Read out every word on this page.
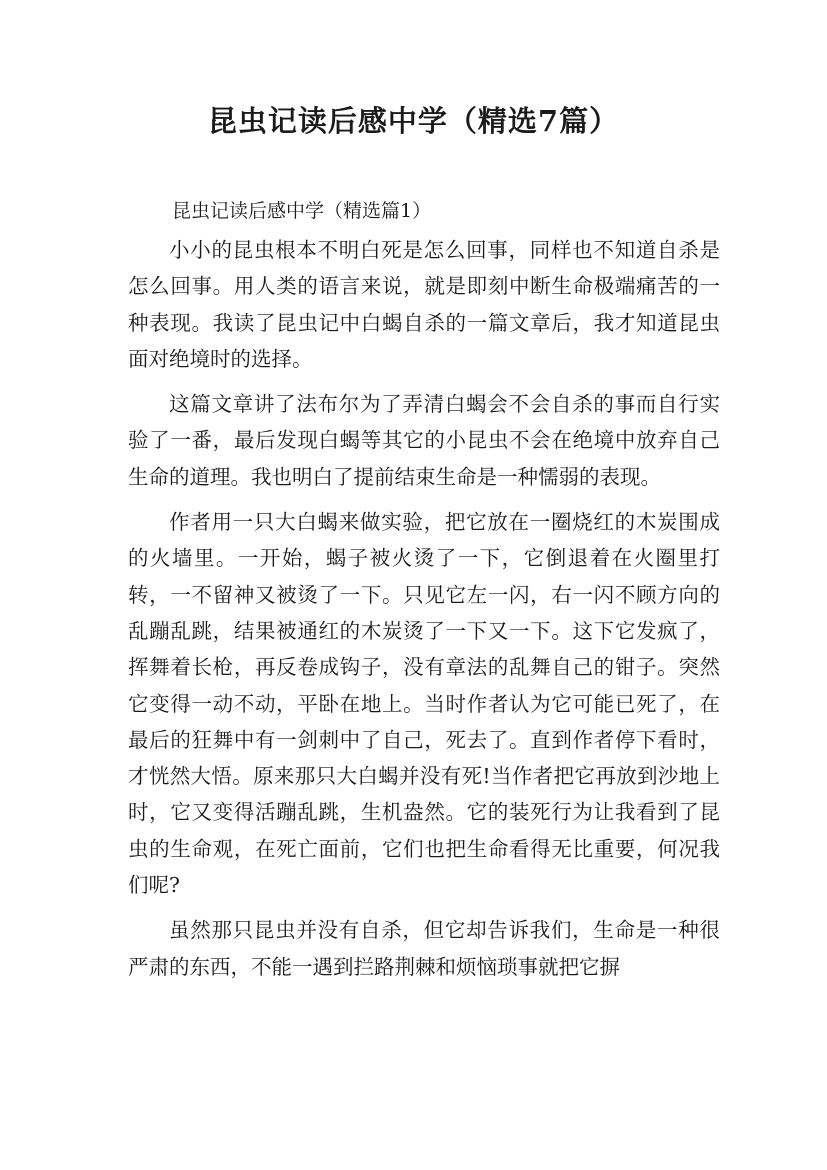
昆虫记读后感中学（精选7篇）

昆虫记读后感中学（精选篇1）

小小的昆虫根本不明白死是怎么回事，同样也不知道自杀是怎么回事。用人类的语言来说，就是即刻中断生命极端痛苦的一种表现。我读了昆虫记中白蝎自杀的一篇文章后，我才知道昆虫面对绝境时的选择。

这篇文章讲了法布尔为了弄清白蝎会不会自杀的事而自行实验了一番，最后发现白蝎等其它的小昆虫不会在绝境中放弃自己生命的道理。我也明白了提前结束生命是一种懦弱的表现。

作者用一只大白蝎来做实验，把它放在一圈烧红的木炭围成的火墙里。一开始，蝎子被火烫了一下，它倒退着在火圈里打转，一不留神又被烫了一下。只见它左一闪，右一闪不顾方向的乱蹦乱跳，结果被通红的木炭烫了一下又一下。这下它发疯了，挥舞着长枪，再反卷成钩子，没有章法的乱舞自己的钳子。突然它变得一动不动，平卧在地上。当时作者认为它可能已死了，在最后的狂舞中有一剑刺中了自己，死去了。直到作者停下看时，才恍然大悟。原来那只大白蝎并没有死!当作者把它再放到沙地上时，它又变得活蹦乱跳，生机盎然。它的装死行为让我看到了昆虫的生命观，在死亡面前，它们也把生命看得无比重要，何况我们呢?

虽然那只昆虫并没有自杀，但它却告诉我们，生命是一种很严肃的东西，不能一遇到拦路荆棘和烦恼琐事就把它摒
